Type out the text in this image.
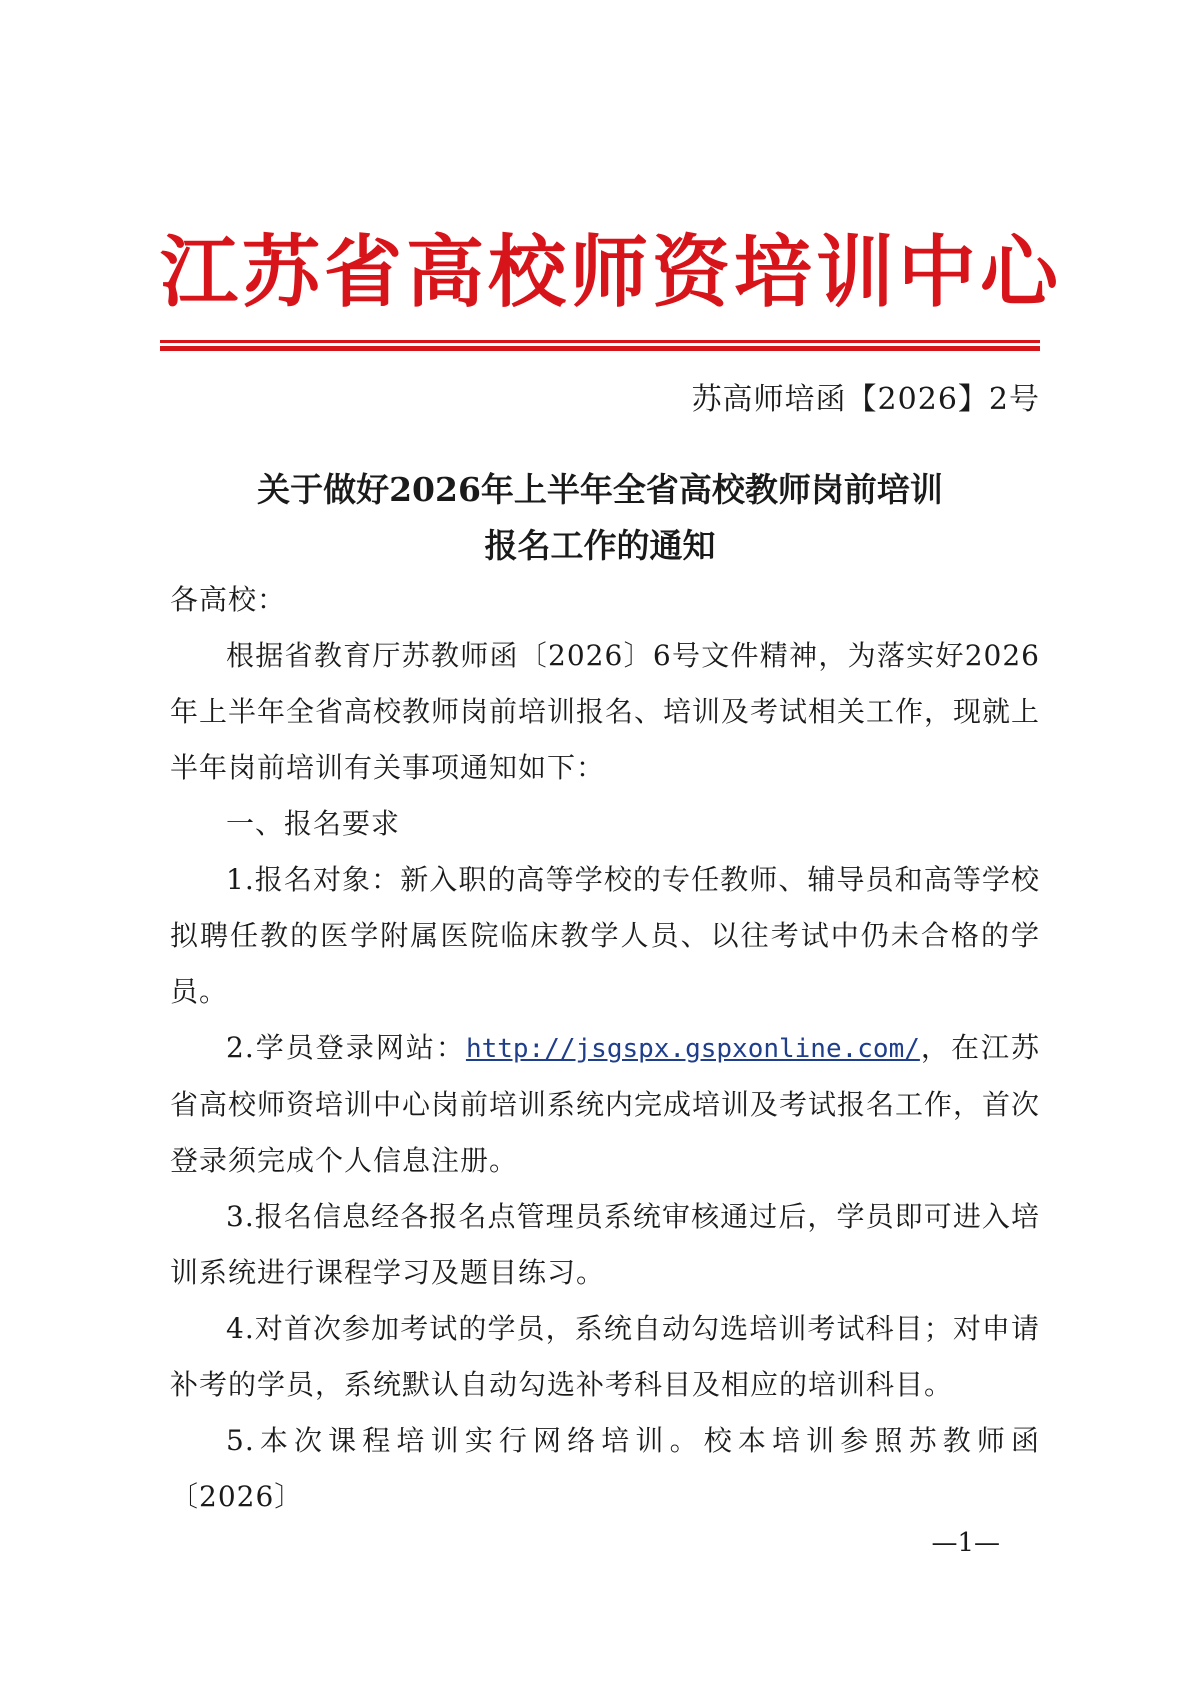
江苏省高校师资培训中心
苏高师培函【2026】2号
关于做好2026年上半年全省高校教师岗前培训
报名工作的通知

各高校：

根据省教育厅苏教师函〔2026〕6号文件精神，为落实好2026年上半年全省高校教师岗前培训报名、培训及考试相关工作，现就上半年岗前培训有关事项通知如下：

一、报名要求

1.报名对象：新入职的高等学校的专任教师、辅导员和高等学校拟聘任教的医学附属医院临床教学人员、以往考试中仍未合格的学员。

2.学员登录网站：http://jsgspx.gspxonline.com/，在江苏省高校师资培训中心岗前培训系统内完成培训及考试报名工作，首次登录须完成个人信息注册。

3.报名信息经各报名点管理员系统审核通过后，学员即可进入培训系统进行课程学习及题目练习。

4.对首次参加考试的学员，系统自动勾选培训考试科目；对申请补考的学员，系统默认自动勾选补考科目及相应的培训科目。

5.本次课程培训实行网络培训。校本培训参照苏教师函〔2026〕

—1—
